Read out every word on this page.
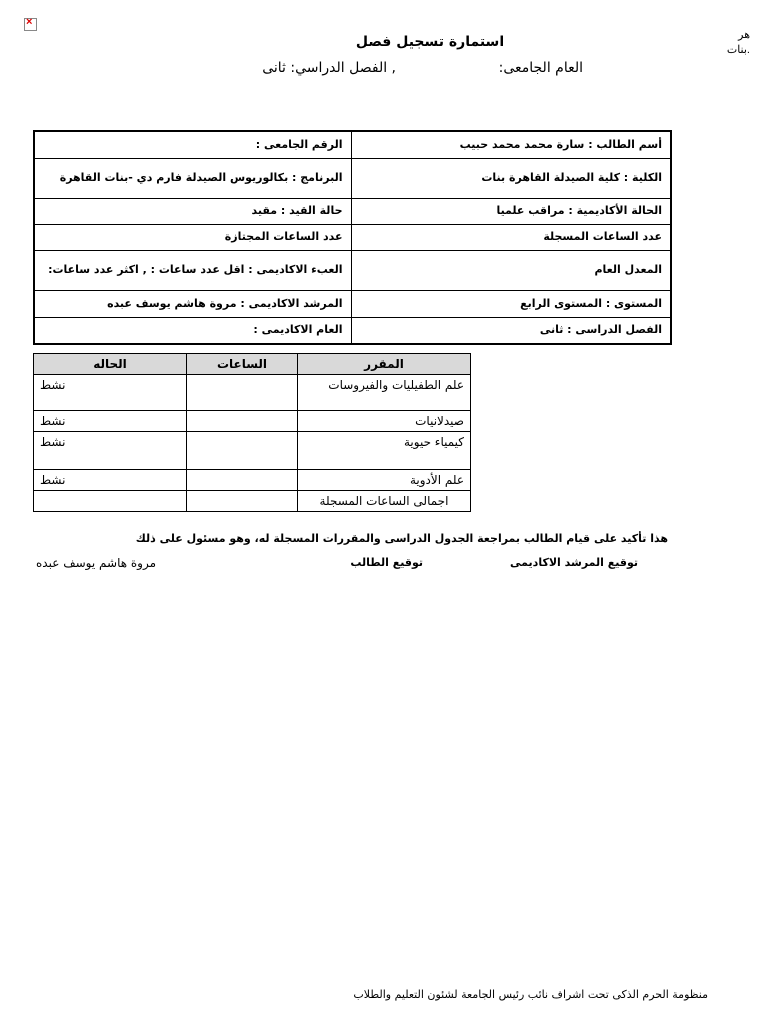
×
هر
.بنات
استمارة تسجيل فصل
العام الجامعى:
, الفصل الدراسي: ثانى
أسم الطالب : سارة محمد محمد حبيب	الرقم الجامعى :
الكلية : كلية الصيدلة القاهرة بنات	البرنامج : بكالوريوس الصيدلة فارم دي -بنات القاهرة
الحالة الأكاديمية : مراقب علميا	حالة القيد : مقيد
عدد الساعات المسجلة	عدد الساعات المجتازة
المعدل العام	العبء الاكاديمى : اقل عدد ساعات : , اكثر عدد ساعات:
المستوى : المستوى الرابع	المرشد الاكاديمى : مروة هاشم يوسف عبده
الفصل الدراسى : ثانى	العام الاكاديمى :
المقرر	الساعات	الحاله
علم الطفيليات والفيروسات		نشط
صيدلانيات		نشط
كيمياء حيوية		نشط
علم الأدوية		نشط
اجمالى الساعات المسجلة		
هذا تأكيد على قيام الطالب بمراجعة الجدول الدراسى والمقررات المسجلة له، وهو مسئول على ذلك
توقيع المرشد الاكاديمى
توقيع الطالب
مروة هاشم يوسف عبده
منظومة الحرم الذكى تحت اشراف نائب رئيس الجامعة لشئون التعليم والطلاب
